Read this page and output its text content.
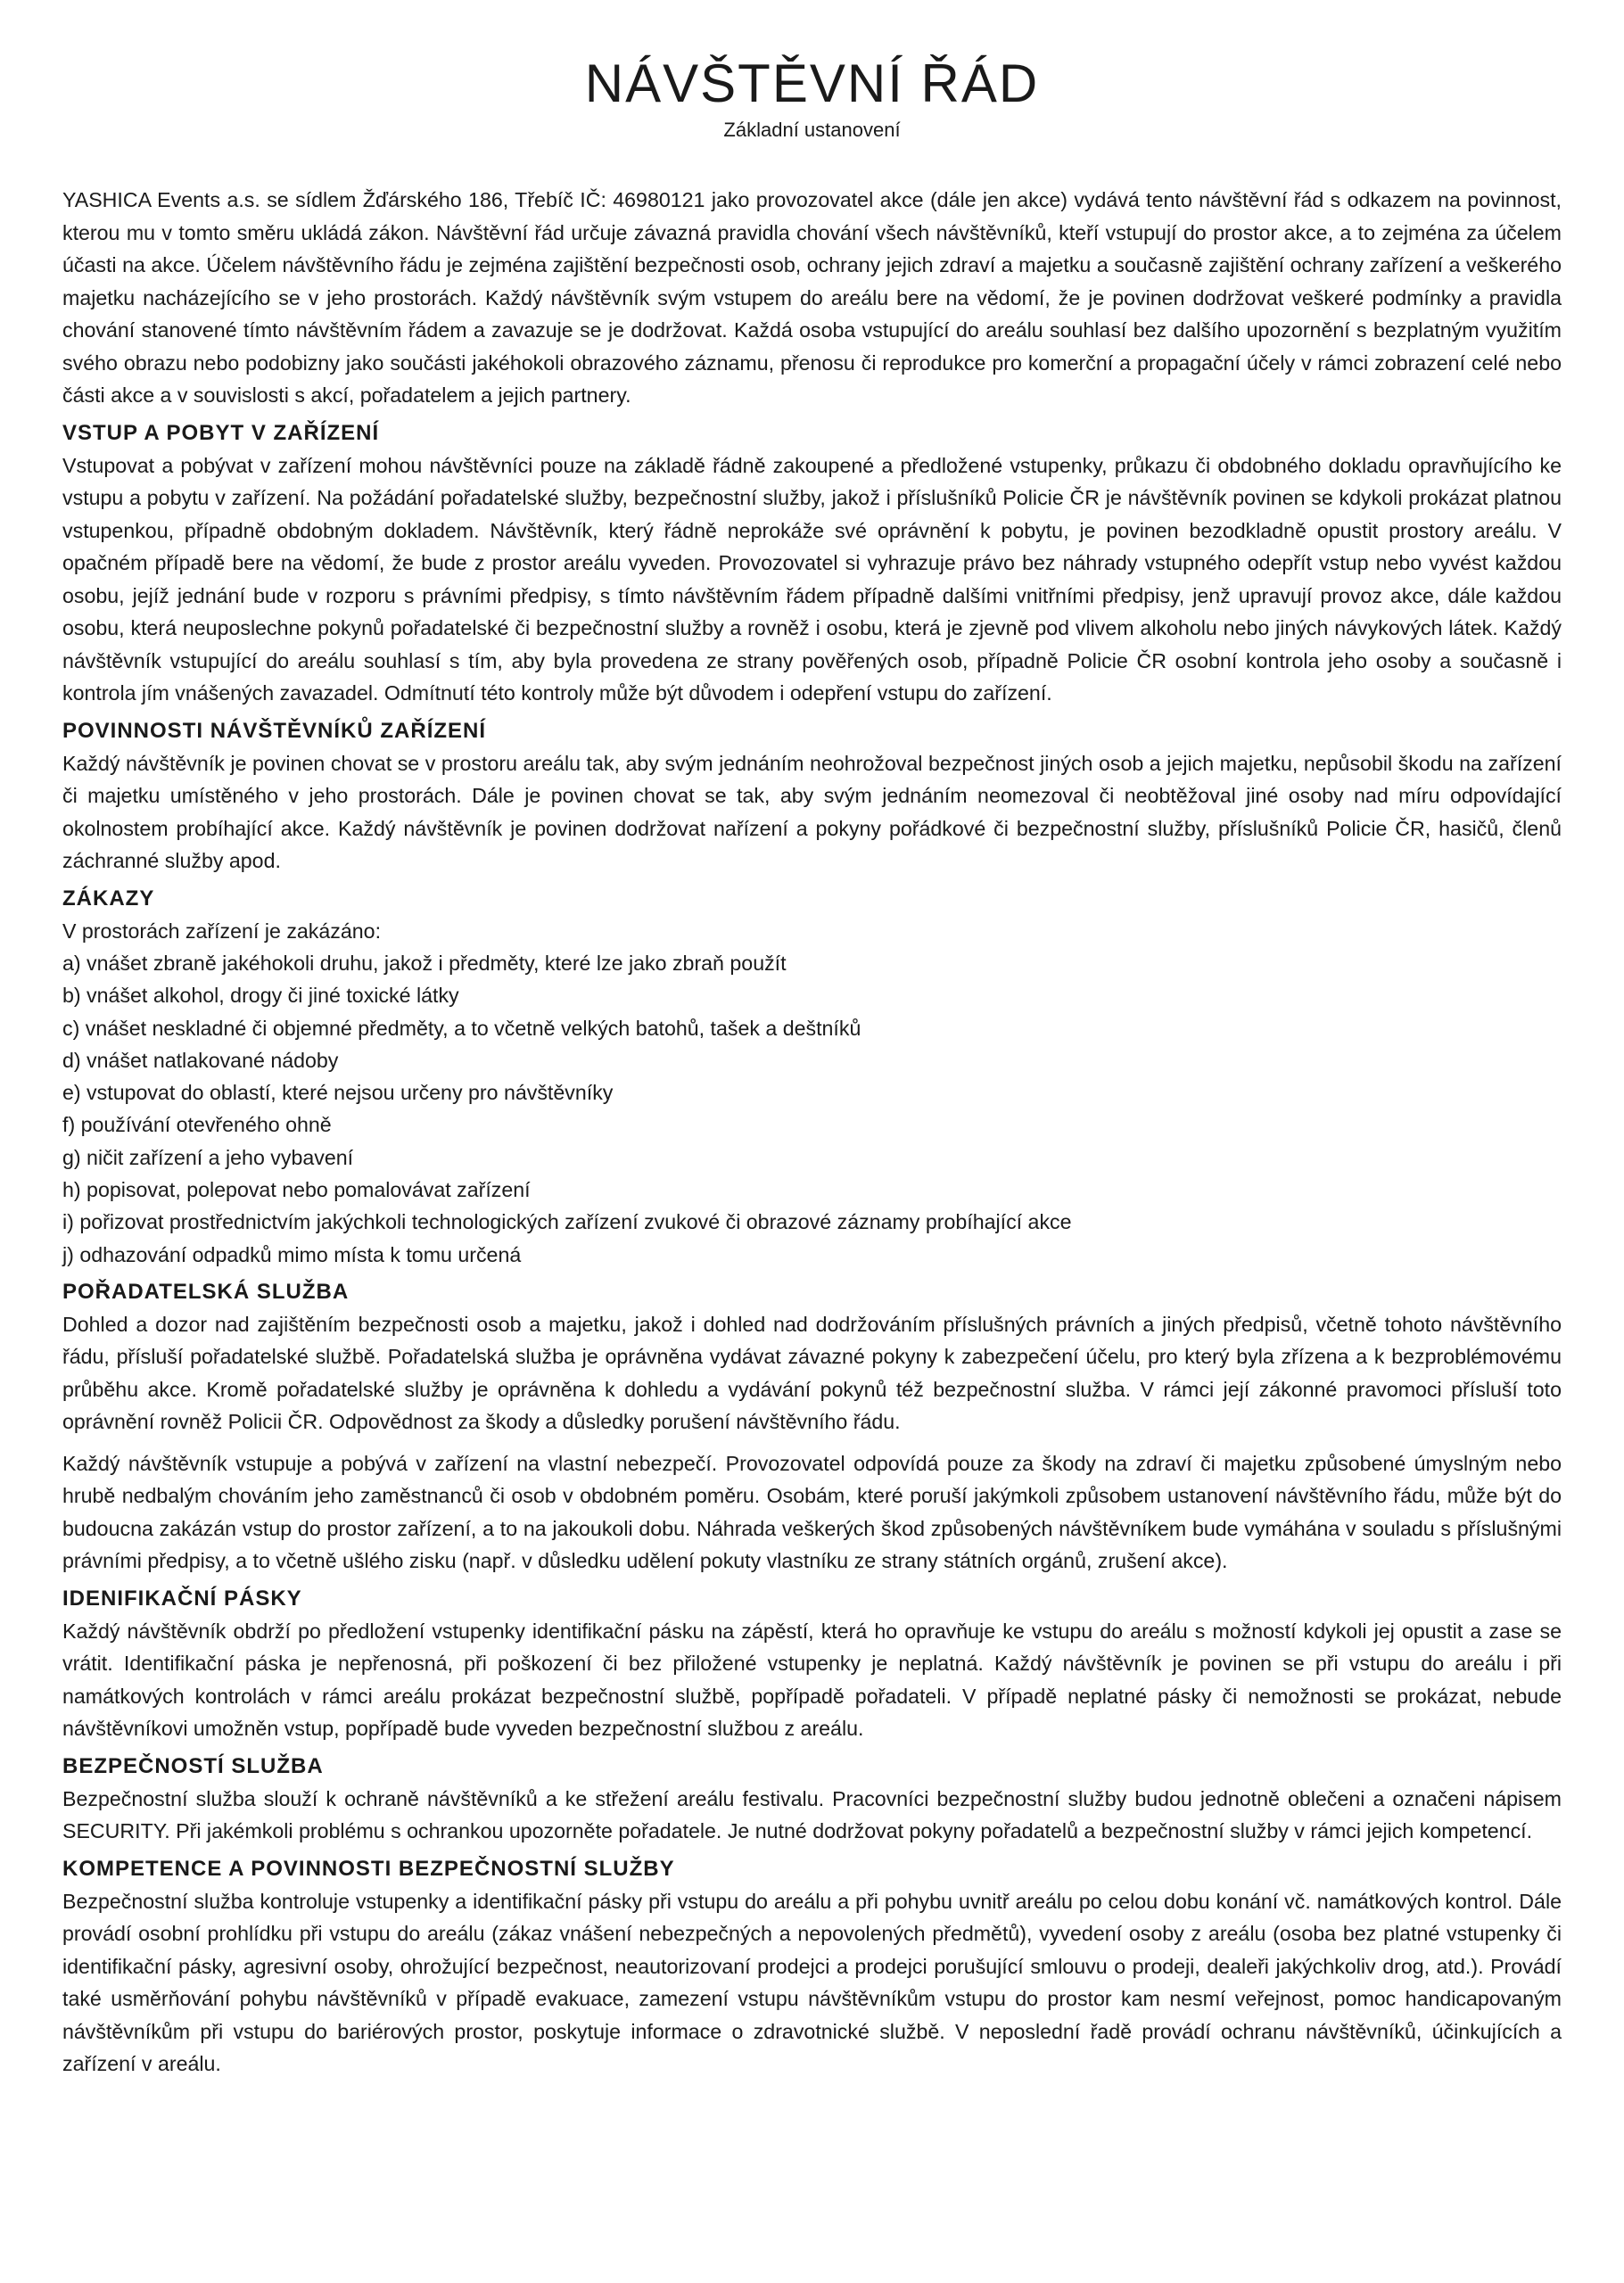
NÁVŠTĚVNÍ ŘÁD
Základní ustanovení

YASHICA Events a.s. se sídlem Žďárského 186, Třebíč IČ: 46980121 jako provozovatel akce (dále jen akce) vydává tento návštěvní řád s odkazem na povinnost, kterou mu v tomto směru ukládá zákon. Návštěvní řád určuje závazná pravidla chování všech návštěvníků, kteří vstupují do prostor akce, a to zejména za účelem účasti na akce. Účelem návštěvního řádu je zejména zajištění bezpečnosti osob, ochrany jejich zdraví a majetku a současně zajištění ochrany zařízení a veškerého majetku nacházejícího se v jeho prostorách. Každý návštěvník svým vstupem do areálu bere na vědomí, že je povinen dodržovat veškeré podmínky a pravidla chování stanovené tímto návštěvním řádem a zavazuje se je dodržovat. Každá osoba vstupující do areálu souhlasí bez dalšího upozornění s bezplatným využitím svého obrazu nebo podobizny jako součásti jakéhokoli obrazového záznamu, přenosu či reprodukce pro komerční a propagační účely v rámci zobrazení celé nebo části akce a v souvislosti s akcí, pořadatelem a jejich partnery.

VSTUP A POBYT V ZAŘÍZENÍ

Vstupovat a pobývat v zařízení mohou návštěvníci pouze na základě řádně zakoupené a předložené vstupenky, průkazu či obdobného dokladu opravňujícího ke vstupu a pobytu v zařízení. Na požádání pořadatelské služby, bezpečnostní služby, jakož i příslušníků Policie ČR je návštěvník povinen se kdykoli prokázat platnou vstupenkou, případně obdobným dokladem. Návštěvník, který řádně neprokáže své oprávnění k pobytu, je povinen bezodkladně opustit prostory areálu. V opačném případě bere na vědomí, že bude z prostor areálu vyveden. Provozovatel si vyhrazuje právo bez náhrady vstupného odepřít vstup nebo vyvést každou osobu, jejíž jednání bude v rozporu s právními předpisy, s tímto návštěvním řádem případně dalšími vnitřními předpisy, jenž upravují provoz akce, dále každou osobu, která neuposlechne pokynů pořadatelské či bezpečnostní služby a rovněž i osobu, která je zjevně pod vlivem alkoholu nebo jiných návykových látek. Každý návštěvník vstupující do areálu souhlasí s tím, aby byla provedena ze strany pověřených osob, případně Policie ČR osobní kontrola jeho osoby a současně i kontrola jím vnášených zavazadel. Odmítnutí této kontroly může být důvodem i odepření vstupu do zařízení.

POVINNOSTI NÁVŠTĚVNÍKŮ ZAŘÍZENÍ

Každý návštěvník je povinen chovat se v prostoru areálu tak, aby svým jednáním neohrožoval bezpečnost jiných osob a jejich majetku, nepůsobil škodu na zařízení či majetku umístěného v jeho prostorách. Dále je povinen chovat se tak, aby svým jednáním neomezoval či neobtěžoval jiné osoby nad míru odpovídající okolnostem probíhající akce. Každý návštěvník je povinen dodržovat nařízení a pokyny pořádkové či bezpečnostní služby, příslušníků Policie ČR, hasičů, členů záchranné služby apod.

ZÁKAZY

V prostorách zařízení je zakázáno:

a) vnášet zbraně jakéhokoli druhu, jakož i předměty, které lze jako zbraň použít
b) vnášet alkohol, drogy či jiné toxické látky
c) vnášet neskladné či objemné předměty, a to včetně velkých batohů, tašek a deštníků
d) vnášet natlakované nádoby
e) vstupovat do oblastí, které nejsou určeny pro návštěvníky
f) používání otevřeného ohně
g) ničit zařízení a jeho vybavení
h) popisovat, polepovat nebo pomalovávat zařízení
i) pořizovat prostřednictvím jakýchkoli technologických zařízení zvukové či obrazové záznamy probíhající akce
j) odhazování odpadků mimo místa k tomu určená
POŘADATELSKÁ SLUŽBA

Dohled a dozor nad zajištěním bezpečnosti osob a majetku, jakož i dohled nad dodržováním příslušných právních a jiných předpisů, včetně tohoto návštěvního řádu, přísluší pořadatelské službě. Pořadatelská služba je oprávněna vydávat závazné pokyny k zabezpečení účelu, pro který byla zřízena a k bezproblémovému průběhu akce. Kromě pořadatelské služby je oprávněna k dohledu a vydávání pokynů též bezpečnostní služba. V rámci její zákonné pravomoci přísluší toto oprávnění rovněž Policii ČR. Odpovědnost za škody a důsledky porušení návštěvního řádu.

Každý návštěvník vstupuje a pobývá v zařízení na vlastní nebezpečí. Provozovatel odpovídá pouze za škody na zdraví či majetku způsobené úmyslným nebo hrubě nedbalým chováním jeho zaměstnanců či osob v obdobném poměru. Osobám, které poruší jakýmkoli způsobem ustanovení návštěvního řádu, může být do budoucna zakázán vstup do prostor zařízení, a to na jakoukoli dobu. Náhrada veškerých škod způsobených návštěvníkem bude vymáhána v souladu s příslušnými právními předpisy, a to včetně ušlého zisku (např. v důsledku udělení pokuty vlastníku ze strany státních orgánů, zrušení akce).

IDENIFIKAČNÍ PÁSKY

Každý návštěvník obdrží po předložení vstupenky identifikační pásku na zápěstí, která ho opravňuje ke vstupu do areálu s možností kdykoli jej opustit a zase se vrátit. Identifikační páska je nepřenosná, při poškození či bez přiložené vstupenky je neplatná. Každý návštěvník je povinen se při vstupu do areálu i při namátkových kontrolách v rámci areálu prokázat bezpečnostní službě, popřípadě pořadateli. V případě neplatné pásky či nemožnosti se prokázat, nebude návštěvníkovi umožněn vstup, popřípadě bude vyveden bezpečnostní službou z areálu.

BEZPEČNOSTÍ SLUŽBA

Bezpečnostní služba slouží k ochraně návštěvníků a ke střežení areálu festivalu. Pracovníci bezpečnostní služby budou jednotně oblečeni a označeni nápisem SECURITY. Při jakémkoli problému s ochrankou upozorněte pořadatele. Je nutné dodržovat pokyny pořadatelů a bezpečnostní služby v rámci jejich kompetencí.

KOMPETENCE A POVINNOSTI BEZPEČNOSTNÍ SLUŽBY

Bezpečnostní služba kontroluje vstupenky a identifikační pásky při vstupu do areálu a při pohybu uvnitř areálu po celou dobu konání vč. namátkových kontrol. Dále provádí osobní prohlídku při vstupu do areálu (zákaz vnášení nebezpečných a nepovolených předmětů), vyvedení osoby z areálu (osoba bez platné vstupenky či identifikační pásky, agresivní osoby, ohrožující bezpečnost, neautorizovaní prodejci a prodejci porušující smlouvu o prodeji, dealeři jakýchkoliv drog, atd.). Provádí také usměrňování pohybu návštěvníků v případě evakuace, zamezení vstupu návštěvníkům vstupu do prostor kam nesmí veřejnost, pomoc handicapovaným návštěvníkům při vstupu do bariérových prostor, poskytuje informace o zdravotnické službě. V neposlední řadě provádí ochranu návštěvníků, účinkujících a zařízení v areálu.
